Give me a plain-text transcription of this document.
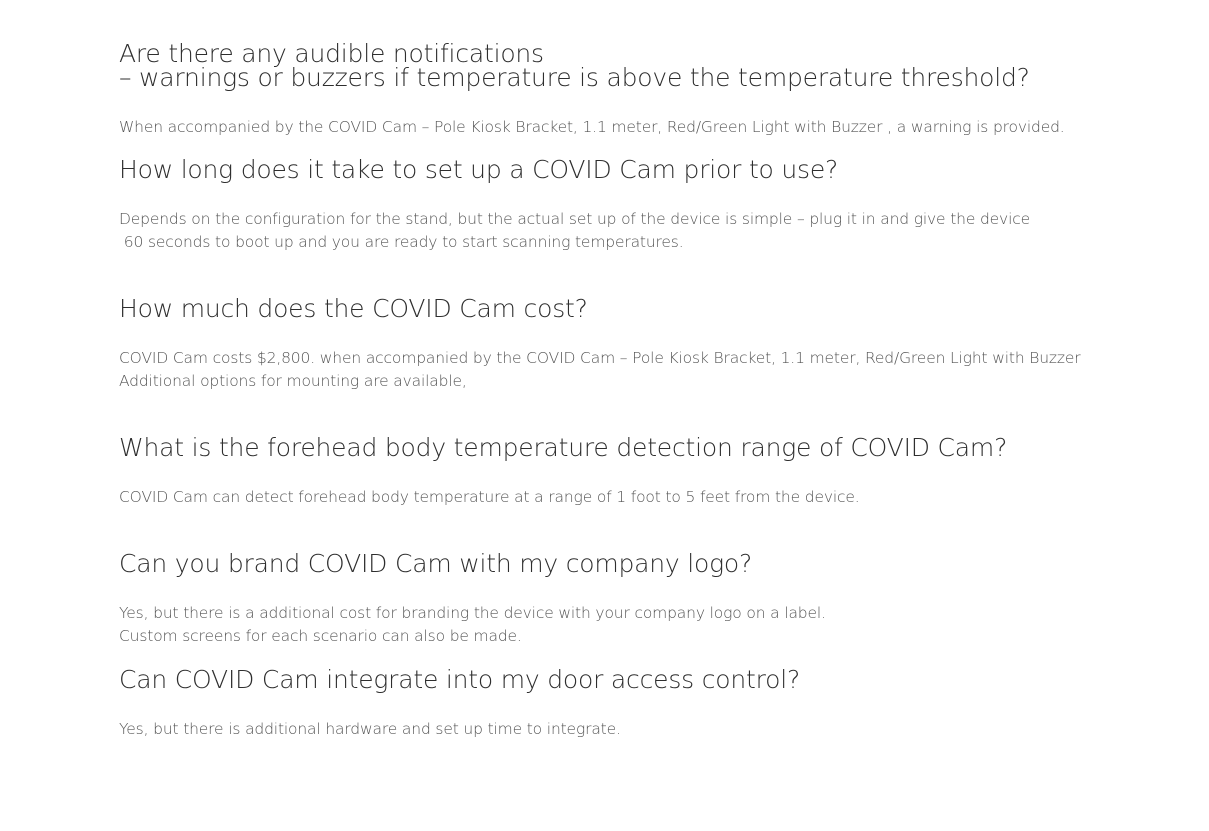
Are there any audible notifications
– warnings or buzzers if temperature is above the temperature threshold?

When accompanied by the COVID Cam – Pole Kiosk Bracket, 1.1 meter, Red/Green Light with Buzzer , a warning is provided.

How long does it take to set up a COVID Cam prior to use?

Depends on the configuration for the stand, but the actual set up of the device is simple – plug it in and give the device
60 seconds to boot up and you are ready to start scanning temperatures.

How much does the COVID Cam cost?

COVID Cam costs $2,800. when accompanied by the COVID Cam – Pole Kiosk Bracket, 1.1 meter, Red/Green Light with Buzzer
Additional options for mounting are available,

What is the forehead body temperature detection range of COVID Cam?

COVID Cam can detect forehead body temperature at a range of 1 foot to 5 feet from the device.

Can you brand COVID Cam with my company logo?

Yes, but there is a additional cost for branding the device with your company logo on a label.
Custom screens for each scenario can also be made.

Can COVID Cam integrate into my door access control?

Yes, but there is additional hardware and set up time to integrate.
